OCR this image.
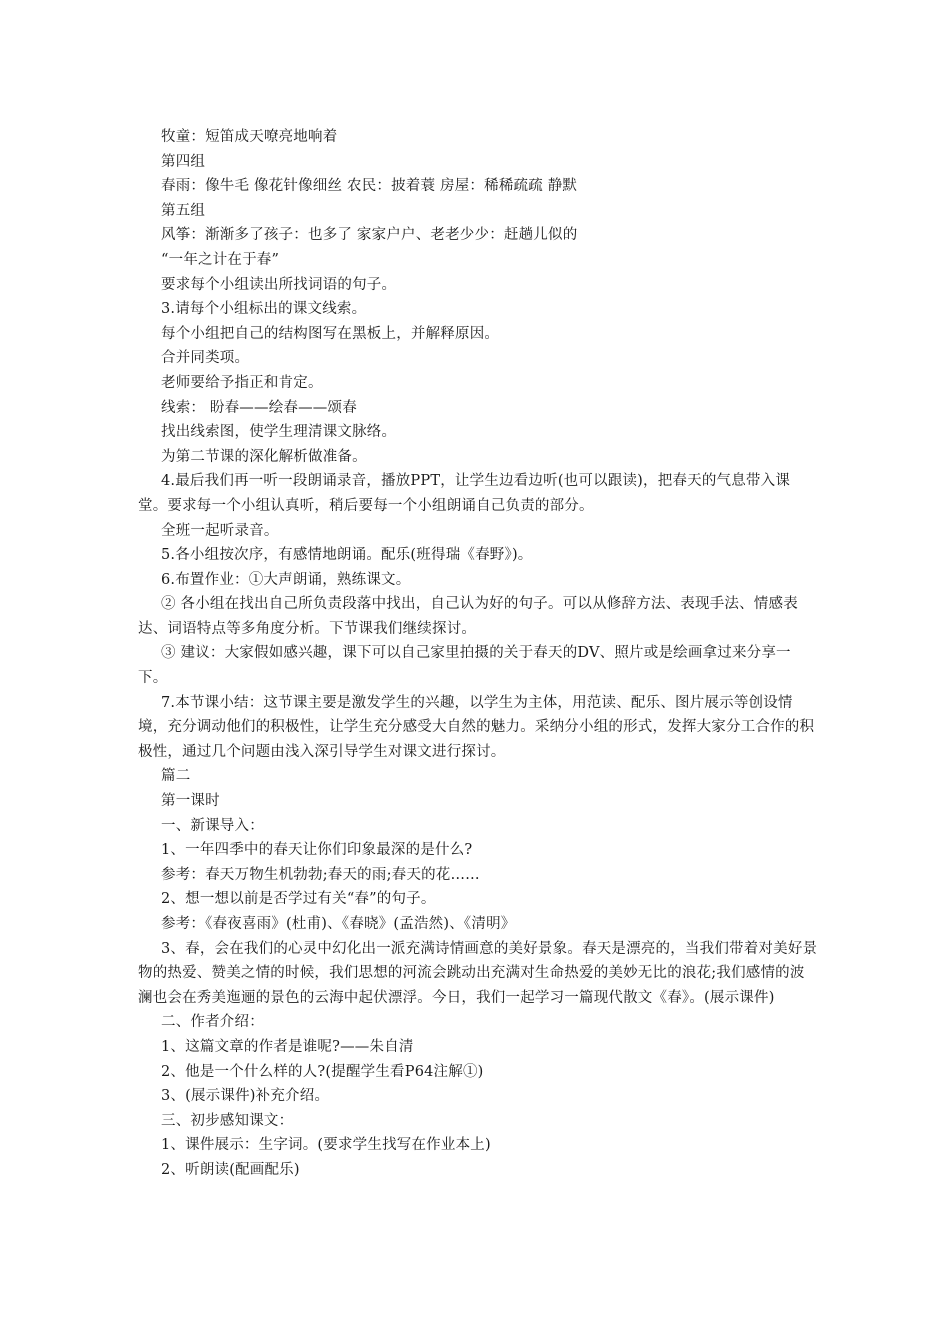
牧童：短笛成天嘹亮地响着

第四组

春雨：像牛毛 像花针像细丝 农民：披着蓑 房屋：稀稀疏疏 静默

第五组

风筝：渐渐多了孩子：也多了 家家户户、老老少少：赶趟儿似的

“一年之计在于春”

要求每个小组读出所找词语的句子。

3.请每个小组标出的课文线索。

每个小组把自己的结构图写在黑板上，并解释原因。

合并同类项。

老师要给予指正和肯定。

线索： 盼春——绘春——颂春

找出线索图，使学生理清课文脉络。

为第二节课的深化解析做准备。

4.最后我们再一听一段朗诵录音，播放PPT，让学生边看边听(也可以跟读)，把春天的气息带入课堂。要求每一个小组认真听，稍后要每一个小组朗诵自己负责的部分。

全班一起听录音。

5.各小组按次序，有感情地朗诵。配乐(班得瑞《春野》)。

6.布置作业：①大声朗诵，熟练课文。

② 各小组在找出自己所负责段落中找出，自己认为好的句子。可以从修辞方法、表现手法、情感表达、词语特点等多角度分析。下节课我们继续探讨。

③ 建议：大家假如感兴趣，课下可以自己家里拍摄的关于春天的DV、照片或是绘画拿过来分享一下。

7.本节课小结：这节课主要是激发学生的兴趣，以学生为主体，用范读、配乐、图片展示等创设情境，充分调动他们的积极性，让学生充分感受大自然的魅力。采纳分小组的形式，发挥大家分工合作的积极性，通过几个问题由浅入深引导学生对课文进行探讨。

篇二

第一课时

一、新课导入：

1、一年四季中的春天让你们印象最深的是什么?

参考：春天万物生机勃勃;春天的雨;春天的花……

2、想一想以前是否学过有关“春”的句子。

参考：《春夜喜雨》(杜甫)、《春晓》(孟浩然)、《清明》

3、春，会在我们的心灵中幻化出一派充满诗情画意的美好景象。春天是漂亮的，当我们带着对美好景物的热爱、赞美之情的时候，我们思想的河流会跳动出充满对生命热爱的美妙无比的浪花;我们感情的波澜也会在秀美迤逦的景色的云海中起伏漂浮。今日，我们一起学习一篇现代散文《春》。(展示课件)

二、作者介绍：

1、这篇文章的作者是谁呢?——朱自清

2、他是一个什么样的人?(提醒学生看P64注解①)

3、(展示课件)补充介绍。

三、初步感知课文：

1、课件展示：生字词。(要求学生找写在作业本上)

2、听朗读(配画配乐)
